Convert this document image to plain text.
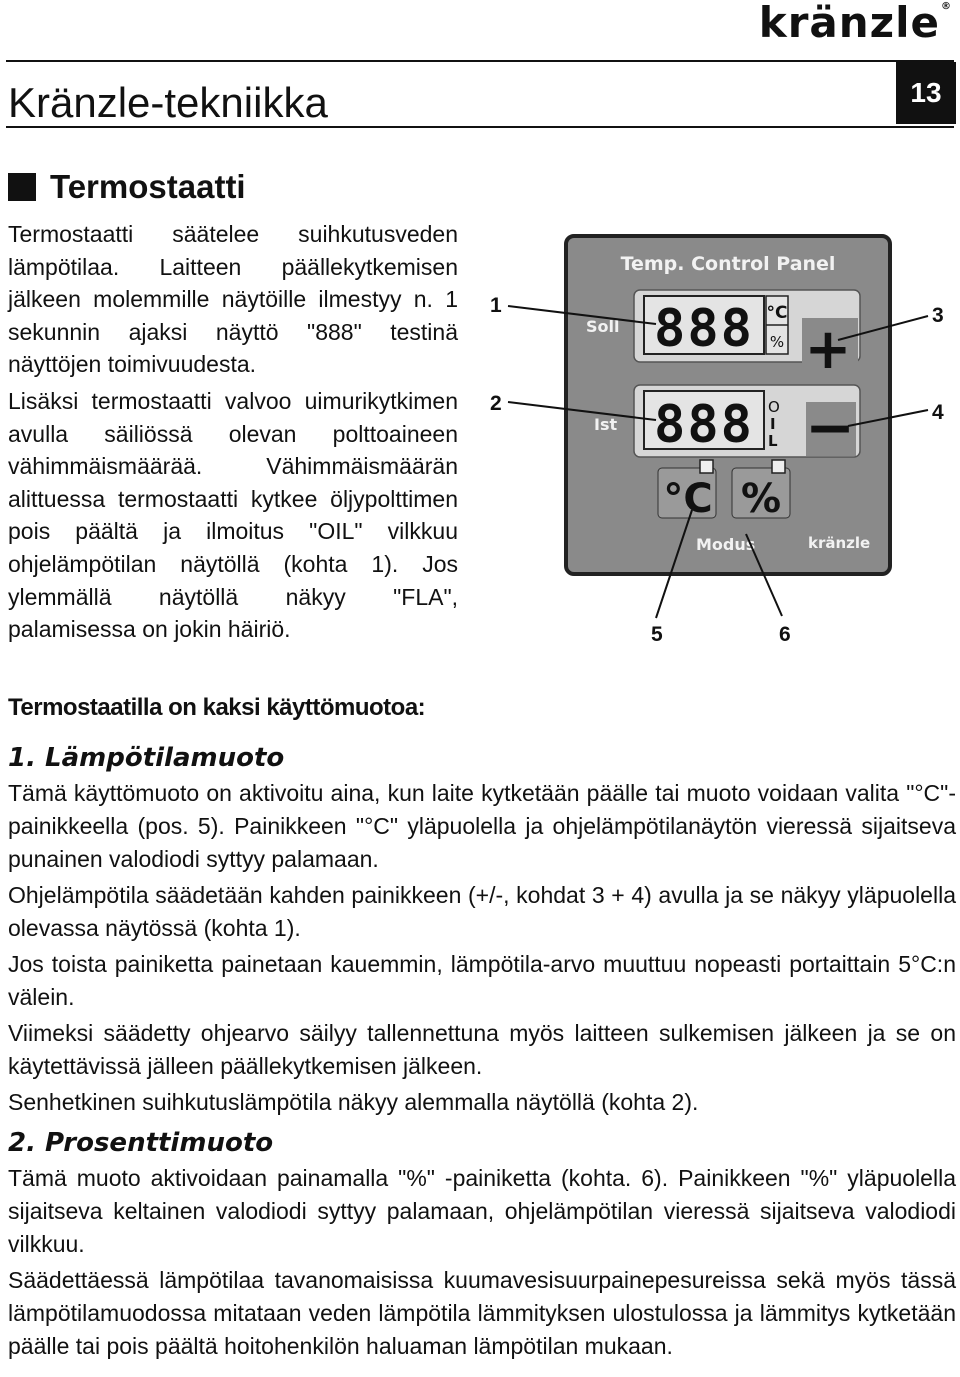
kränzle®
Kränzle-tekniikka	13
Termostaatti

Termostaatti säätelee suihkutusveden lämpötilaa. Laitteen päällekytkemisen jälkeen molemmille näytöille ilmestyy n. 1 sekunnin ajaksi näyttö "888" testinä näyttöjen toimivuudesta.

Lisäksi termostaatti valvoo uimurikytkimen avulla säiliössä olevan polttoaineen vähimmäismäärää. Vähimmäismäärän alittuessa termostaatti kytkee öljypolttimen pois päältä ja ilmoitus "OIL" vilkkuu ohjelämpötilan näytöllä (kohta 1). Jos ylemmällä näytöllä näkyy "FLA", palamisessa on jokin häiriö.

Temp. Control Panel
888 °C
%
Soll	+
888 O
I
L
Ist	−
°C %
Modus	kränzle
1
2
3
4
5	6
Termostaatilla on kaksi käyttömuotoa:
1. Lämpötilamuoto

Tämä käyttömuoto on aktivoitu aina, kun laite kytketään päälle tai muoto voidaan valita "°C"-painikkeella (pos. 5). Painikkeen "°C" yläpuolella ja ohjelämpötilanäytön vieressä sijaitseva punainen valodiodi syttyy palamaan.

Ohjelämpötila säädetään kahden painikkeen (+/-, kohdat 3 + 4) avulla ja se näkyy yläpuolella olevassa näytössä (kohta 1).

Jos toista painiketta painetaan kauemmin, lämpötila-arvo muuttuu nopeasti portaittain 5°C:n välein.

Viimeksi säädetty ohjearvo säilyy tallennettuna myös laitteen sulkemisen jälkeen ja se on käytettävissä jälleen päällekytkemisen jälkeen.

Senhetkinen suihkutuslämpötila näkyy alemmalla näytöllä (kohta 2).

2. Prosenttimuoto

Tämä muoto aktivoidaan painamalla "%" -painiketta (kohta. 6). Painikkeen "%" yläpuolella sijaitseva keltainen valodiodi syttyy palamaan, ohjelämpötilan vieressä sijaitseva valodiodi vilkkuu.

Säädettäessä lämpötilaa tavanomaisissa kuumavesisuurpainepesureissa sekä myös tässä lämpötilamuodossa mitataan veden lämpötila lämmityksen ulostulossa ja lämmitys kytketään päälle tai pois päältä hoitohenkilön haluaman lämpötilan mukaan.
